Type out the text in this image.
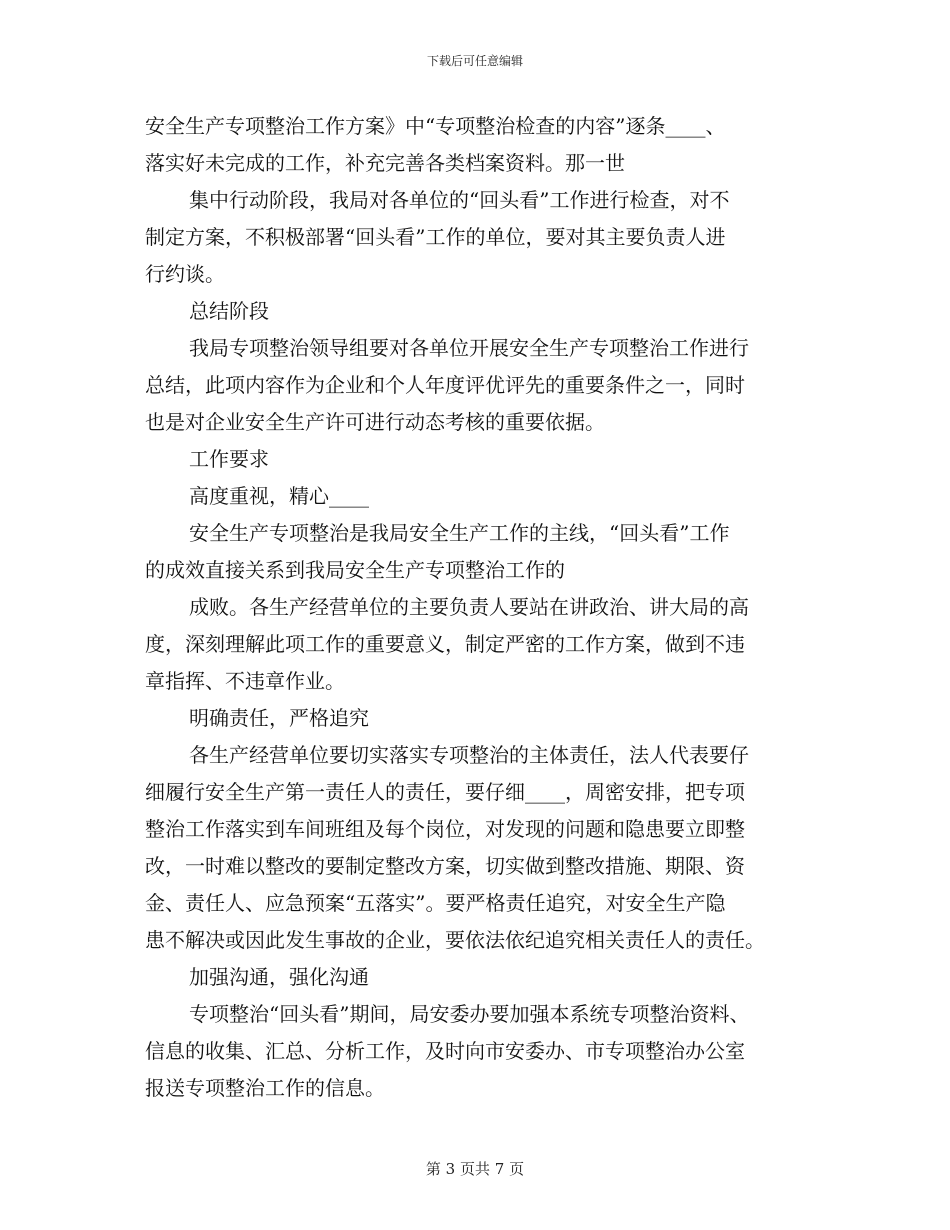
下载后可任意编辑
安全生产专项整治工作方案》中“专项整治检查的内容”逐条____、
落实好未完成的工作，补充完善各类档案资料。那一世
集中行动阶段，我局对各单位的“回头看”工作进行检查，对不
制定方案，不积极部署“回头看”工作的单位，要对其主要负责人进
行约谈。
总结阶段
我局专项整治领导组要对各单位开展安全生产专项整治工作进行
总结，此项内容作为企业和个人年度评优评先的重要条件之一，同时
也是对企业安全生产许可进行动态考核的重要依据。
工作要求
高度重视，精心____
安全生产专项整治是我局安全生产工作的主线，“回头看”工作
的成效直接关系到我局安全生产专项整治工作的
成败。各生产经营单位的主要负责人要站在讲政治、讲大局的高
度，深刻理解此项工作的重要意义，制定严密的工作方案，做到不违
章指挥、不违章作业。
明确责任，严格追究
各生产经营单位要切实落实专项整治的主体责任，法人代表要仔
细履行安全生产第一责任人的责任，要仔细____，周密安排，把专项
整治工作落实到车间班组及每个岗位，对发现的问题和隐患要立即整
改，一时难以整改的要制定整改方案，切实做到整改措施、期限、资
金、责任人、应急预案“五落实”。要严格责任追究，对安全生产隐
患不解决或因此发生事故的企业，要依法依纪追究相关责任人的责任。
加强沟通，强化沟通
专项整治“回头看”期间，局安委办要加强本系统专项整治资料、
信息的收集、汇总、分析工作，及时向市安委办、市专项整治办公室
报送专项整治工作的信息。
第 3 页共 7 页
